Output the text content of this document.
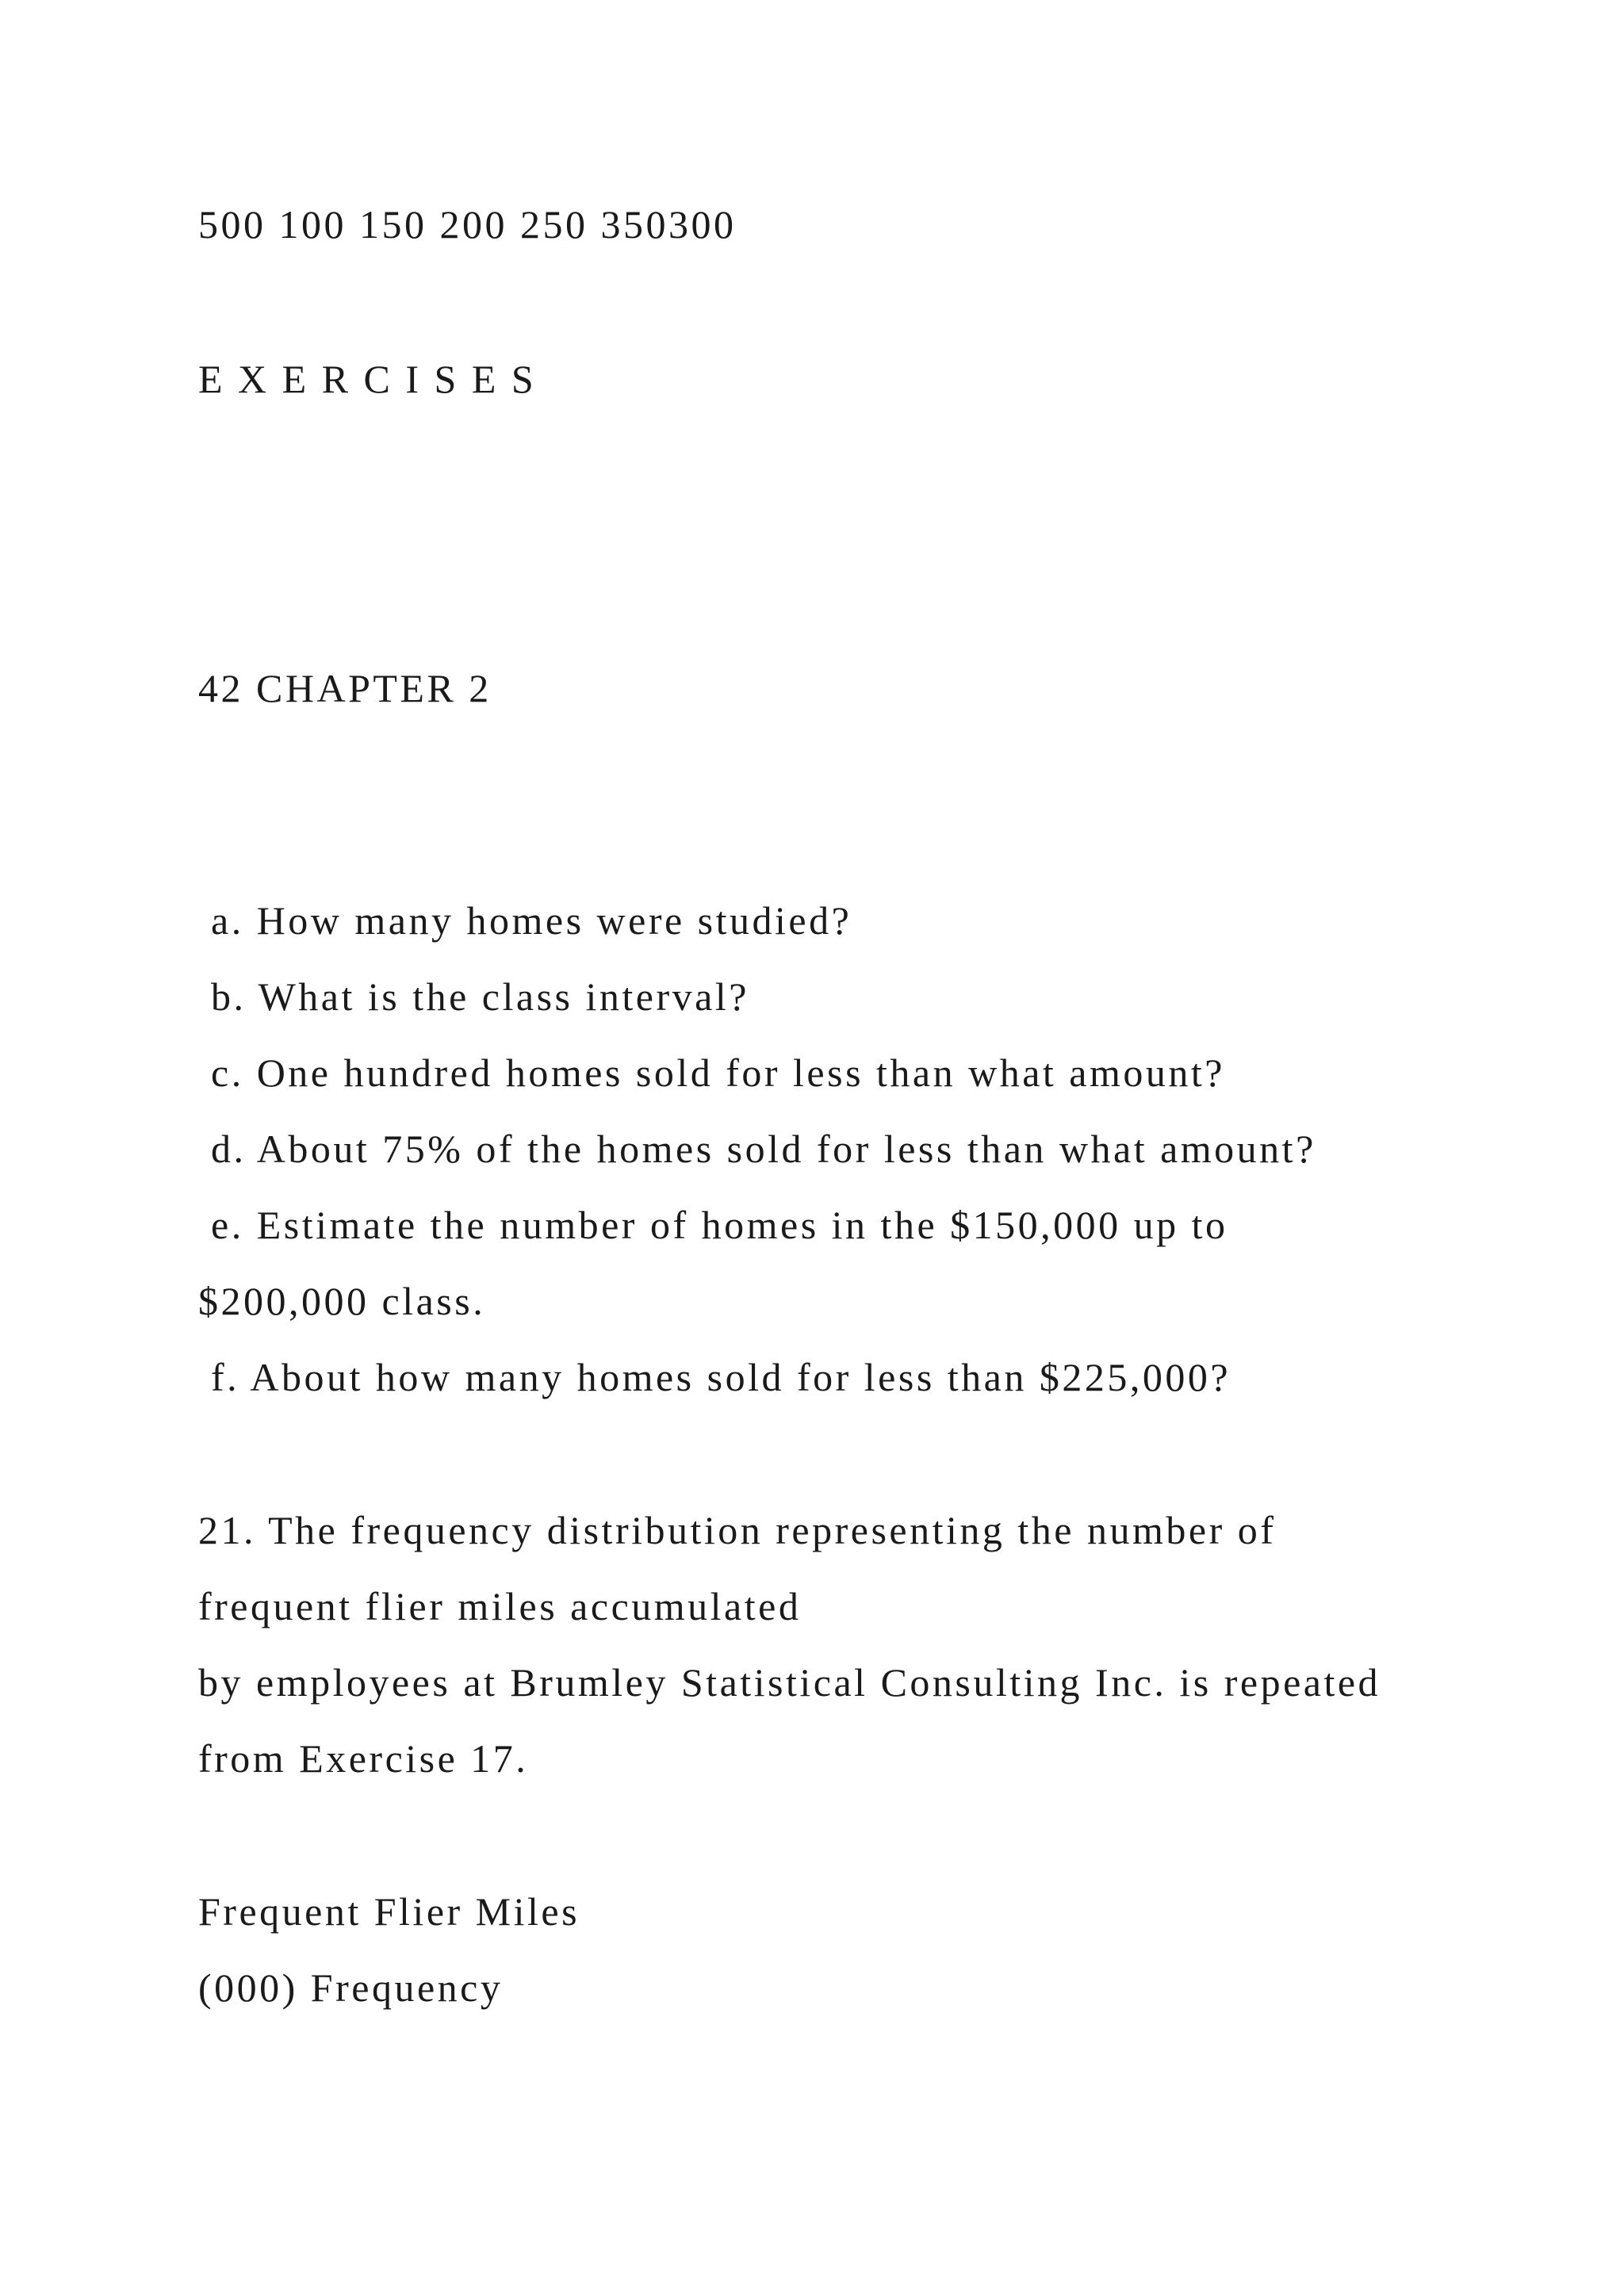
500 100 150 200 250 350300

E X E R C I S E S

42 CHAPTER 2

a. How many homes were studied?

b. What is the class interval?

c. One hundred homes sold for less than what amount?

d. About 75% of the homes sold for less than what amount?

e. Estimate the number of homes in the $150,000 up to

$200,000 class.

f. About how many homes sold for less than $225,000?

21. The frequency distribution representing the number of

frequent flier miles accumulated

by employees at Brumley Statistical Consulting Inc. is repeated

from Exercise 17.

Frequent Flier Miles

(000) Frequency
